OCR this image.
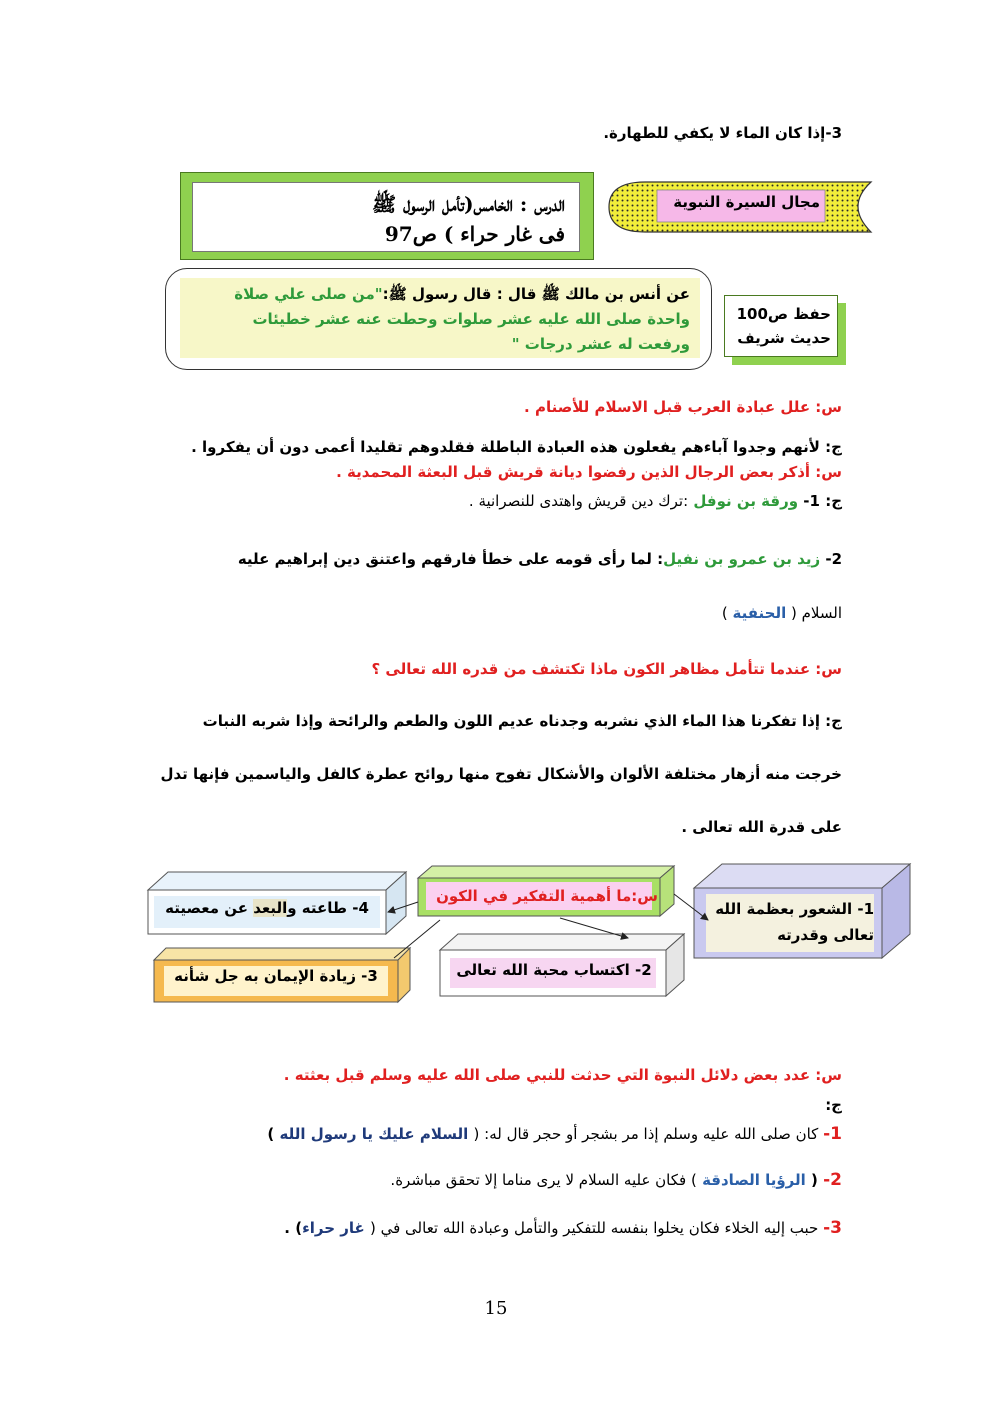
3-إذا كان الماء لا يكفي للطهارة.
مجال السيرة النبوية
الدرس : الخامس(تأمل الرسول ﷺ
فى غار حراء ) ص97
عن أنس بن مالك ﷺ قال : قال رسول ﷺ:"من صلى علي صلاة
واحدة صلى الله عليه عشر صلوات وحطت عنه عشر خطيئات
ورفعت له عشر درجات "
حفظ ص100
حديث شريف
س: علل عبادة العرب قبل الاسلام للأصنام .
ج: لأنهم وجدوا آباءهم يفعلون هذه العبادة الباطلة فقلدوهم تقليدا أعمى دون أن يفكروا .
س: أذكر بعض الرجال الذين رفضوا ديانة قريش قبل البعثة المحمدية .
ج: 1- ورقة بن نوفل :ترك دين قريش واهتدى للنصرانية .
2- زيد بن عمرو بن نفيل: لما رأى قومه على خطأ فارقهم واعتنق دين إبراهيم عليه
السلام ( الحنفية )
س: عندما تتأمل مظاهر الكون ماذا تكتشف من قدره الله تعالى ؟
ج: إذا تفكرنا هذا الماء الذي نشربه وجدناه عديم اللون والطعم والرائحة وإذا شربه النبات
خرجت منه أزهار مختلفة الألوان والأشكال تفوح منها روائح عطرة كالفل والياسمين فإنها تدل
على قدرة الله تعالى .
س:ما أهمية التفكير في الكون
1- الشعور بعظمة الله
تعالى وقدرته
2- اكتساب محبة الله تعالى
3- زيادة الإيمان به جل شأنه
4- طاعته والبعد عن معصيته
س: عدد بعض دلائل النبوة التي حدثت للنبي صلى الله عليه وسلم قبل بعثته .
ج:
1- كان صلى الله عليه وسلم إذا مر بشجر أو حجر قال له: ( السلام عليك يا رسول الله )
2- ( الرؤيا الصادقة ) فكان عليه السلام لا يرى مناما إلا تحقق مباشرة.
3- حبب إليه الخلاء فكان يخلوا بنفسه للتفكير والتأمل وعبادة الله تعالى في ( غار حراء) .
15
